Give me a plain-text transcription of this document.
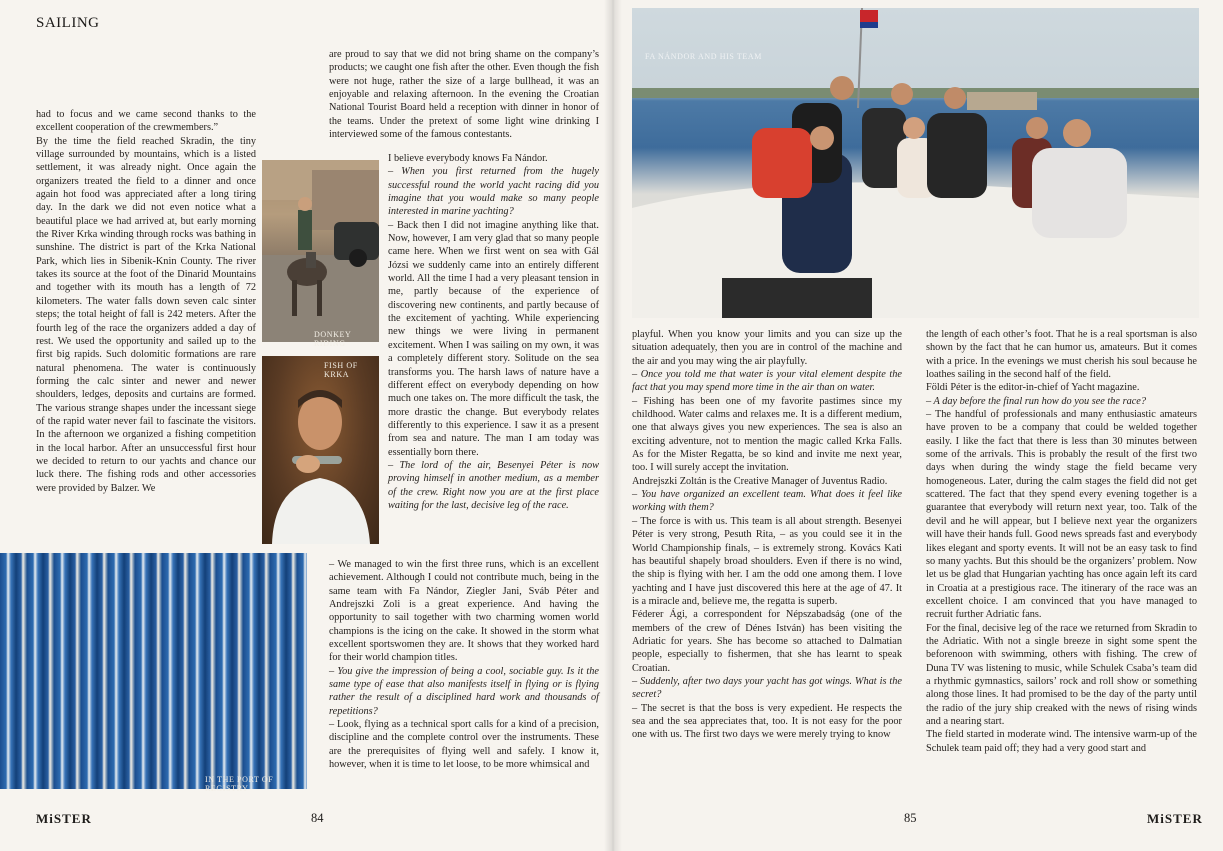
SAILING
DONKEY RIDING
FISH OF KRKA
IN THE PORT OF REGISTRY
FA NÁNDOR AND HIS TEAM

had to focus and we came second thanks to the excellent cooperation of the crewmembers.”

By the time the field reached Skradin, the tiny village surrounded by mountains, which is a listed settlement, it was already night. Once again the organizers treated the field to a dinner and once again hot food was appreciated after a long tiring day. In the dark we did not even notice what a beautiful place we had arrived at, but early morning the River Krka winding through rocks was bathing in sunshine. The district is part of the Krka National Park, which lies in Sibenik-Knin County. The river takes its source at the foot of the Dinarid Mountains and together with its mouth has a length of 72 kilometers. The water falls down seven calc sinter steps; the total height of fall is 242 meters. After the fourth leg of the race the organizers added a day of rest. We used the opportunity and sailed up to the first big rapids. Such dolomitic formations are rare natural phenomena. The water is continuously forming the calc sinter and newer and newer shoulders, ledges, deposits and curtains are formed. The various strange shapes under the incessant siege of the rapid water never fail to fascinate the visitors. In the afternoon we organized a fishing competition in the local harbor. After an unsuccessful first hour we decided to return to our yachts and chance our luck there. The fishing rods and other accessories were provided by Balzer. We

are proud to say that we did not bring shame on the company’s products; we caught one fish after the other. Even though the fish were not huge, rather the size of a large bullhead, it was an enjoyable and relaxing afternoon. In the evening the Croatian National Tourist Board held a reception with dinner in honor of the teams. Under the pretext of some light wine drinking I interviewed some of the famous contestants.

I believe everybody knows Fa Nándor.

– When you first returned from the hugely successful round the world yacht racing did you imagine that you would make so many people interested in marine yachting?

– Back then I did not imagine anything like that. Now, however, I am very glad that so many people came here. When we first went on sea with Gál Józsi we suddenly came into an entirely different world. All the time I had a very pleasant tension in me, partly because of the experience of discovering new continents, and partly because of the excitement of yachting. While experiencing new things we were living in permanent excitement. When I was sailing on my own, it was a completely different story. Solitude on the sea transforms you. The harsh laws of nature have a different effect on everybody depending on how much one takes on. The more difficult the task, the more drastic the change. But everybody relates differently to this experience. I saw it as a present from sea and nature. The man I am today was essentially born there.

– The lord of the air, Besenyei Péter is now proving himself in another medium, as a member of the crew. Right now you are at the first place waiting for the last, decisive leg of the race.

– We managed to win the first three runs, which is an excellent achievement. Although I could not contribute much, being in the same team with Fa Nándor, Ziegler Jani, Sváb Péter and Andrejszki Zoli is a great experience. And having the opportunity to sail together with two charming women world champions is the icing on the cake. It showed in the storm what excellent sportswomen they are. It shows that they worked hard for their world champion titles.

– You give the impression of being a cool, sociable guy. Is it the same type of ease that also manifests itself in flying or is flying rather the result of a disciplined hard work and thousands of repetitions?

– Look, flying as a technical sport calls for a kind of a precision, discipline and the complete control over the instruments. These are the prerequisites of flying well and safely. I know it, however, when it is time to let loose, to be more whimsical and

playful. When you know your limits and you can size up the situation adequately, then you are in control of the machine and the air and you may wing the air playfully.

– Once you told me that water is your vital element despite the fact that you may spend more time in the air than on water.

– Fishing has been one of my favorite pastimes since my childhood. Water calms and relaxes me. It is a different medium, one that always gives you new experiences. The sea is also an exciting adventure, not to mention the magic called Krka Falls. As for the Mister Regatta, be so kind and invite me next year, too. I will surely accept the invitation.

Andrejszki Zoltán is the Creative Manager of Juventus Radio.

– You have organized an excellent team. What does it feel like working with them?

– The force is with us. This team is all about strength. Besenyei Péter is very strong, Pesuth Rita, – as you could see it in the World Championship finals, – is extremely strong. Kovács Kati has beautiful shapely broad shoulders. Even if there is no wind, the ship is flying with her. I am the odd one among them. I love yachting and I have just discovered this here at the age of 47. It is a miracle and, believe me, the regatta is superb.

Féderer Ági, a correspondent for Népszabadság (one of the members of the crew of Dénes István) has been visiting the Adriatic for years. She has become so attached to Dalmatian people, especially to fishermen, that she has learnt to speak Croatian.

– Suddenly, after two days your yacht has got wings. What is the secret?

– The secret is that the boss is very expedient. He respects the sea and the sea appreciates that, too. It is not easy for the poor one with us. The first two days we were merely trying to know

the length of each other’s foot. That he is a real sportsman is also shown by the fact that he can humor us, amateurs. But it comes with a price. In the evenings we must cherish his soul because he loathes sailing in the second half of the field.

Földi Péter is the editor-in-chief of Yacht magazine.

– A day before the final run how do you see the race?

– The handful of professionals and many enthusiastic amateurs have proven to be a company that could be welded together easily. I like the fact that there is less than 30 minutes between some of the arrivals. This is probably the result of the first two days when during the windy stage the field became very homogeneous. Later, during the calm stages the field did not get scattered. The fact that they spend every evening together is a guarantee that everybody will return next year, too. Talk of the devil and he will appear, but I believe next year the organizers will have their hands full. Good news spreads fast and everybody likes elegant and sporty events. It will not be an easy task to find so many yachts. But this should be the organizers’ problem. Now let us be glad that Hungarian yachting has once again left its card in Croatia at a prestigious race. The itinerary of the race was an excellent choice. I am convinced that you have managed to recruit further Adriatic fans.

For the final, decisive leg of the race we returned from Skradin to the Adriatic. With not a single breeze in sight some spent the beforenoon with swimming, others with fishing. The crew of Duna TV was listening to music, while Schulek Csaba’s team did a rhythmic gymnastics, sailors’ rock and roll show or something along those lines. It had promised to be the day of the party until the radio of the jury ship creaked with the news of rising winds and a nearing start.

The field started in moderate wind. The intensive warm-up of the Schulek team paid off; they had a very good start and

MiSTER	84	85	MiSTER
